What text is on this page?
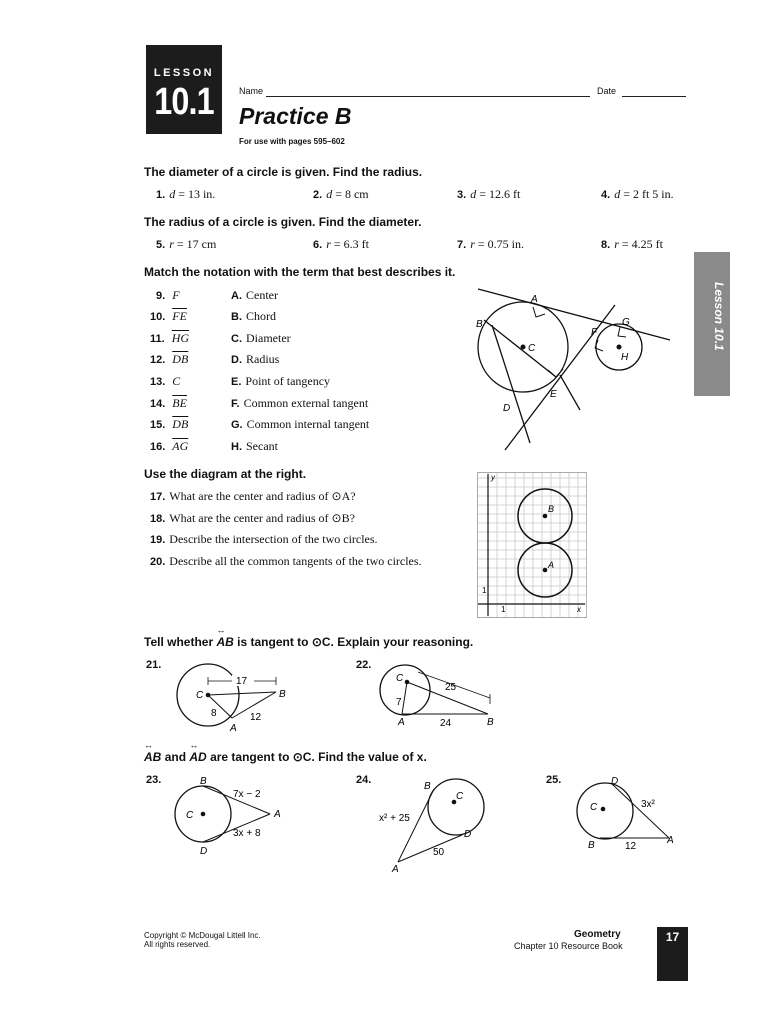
LESSON
10.1	Name	Date
Practice B
For use with pages 595–602
Lesson 10.1
The diameter of a circle is given. Find the radius.
1. d = 13 in.	2. d = 8 cm	3. d = 12.6 ft	4. d = 2 ft 5 in.
The radius of a circle is given. Find the diameter.
5. r = 17 cm	6. r = 6.3 ft	7. r = 0.75 in.	8. r = 4.25 ft
Match the notation with the term that best describes it.
9. F
10. $\overline{FE}$
11. $\overline{HG}$
12. $\overline{DB}$
13. C
14. $\overline{BE}$
15. $\overline{DB}$
16. $\overline{AG}$
A. Center
B. Chord
C. Diameter
D. Radius
E. Point of tangency
F. Common external tangent
G. Common internal tangent
H. Secant
A
B
C
D
E
F
G
H
Use the diagram at the right.
17. What are the center and radius of ⊙A?
18. What are the center and radius of ⊙B?
19. Describe the intersection of the two circles.
20. Describe all the common tangents of the two circles.
y
x
1
1
B
A
Tell whether AB
↔
is tangent to ⊙C. Explain your reasoning.
21.
17
C	B
A
8	12
22.
C
7
25
A	24	B
AB
↔
and AD
↔
are tangent to ⊙C. Find the value of x.
23.	B
C	A
D
7x − 2
3x + 8
24.
B
C
D
A
x² + 25
50
25.	D
C
B	A
3x²
12
Copyright © McDougal Littell Inc.
All rights reserved.
Geometry
Chapter 10 Resource Book
17
